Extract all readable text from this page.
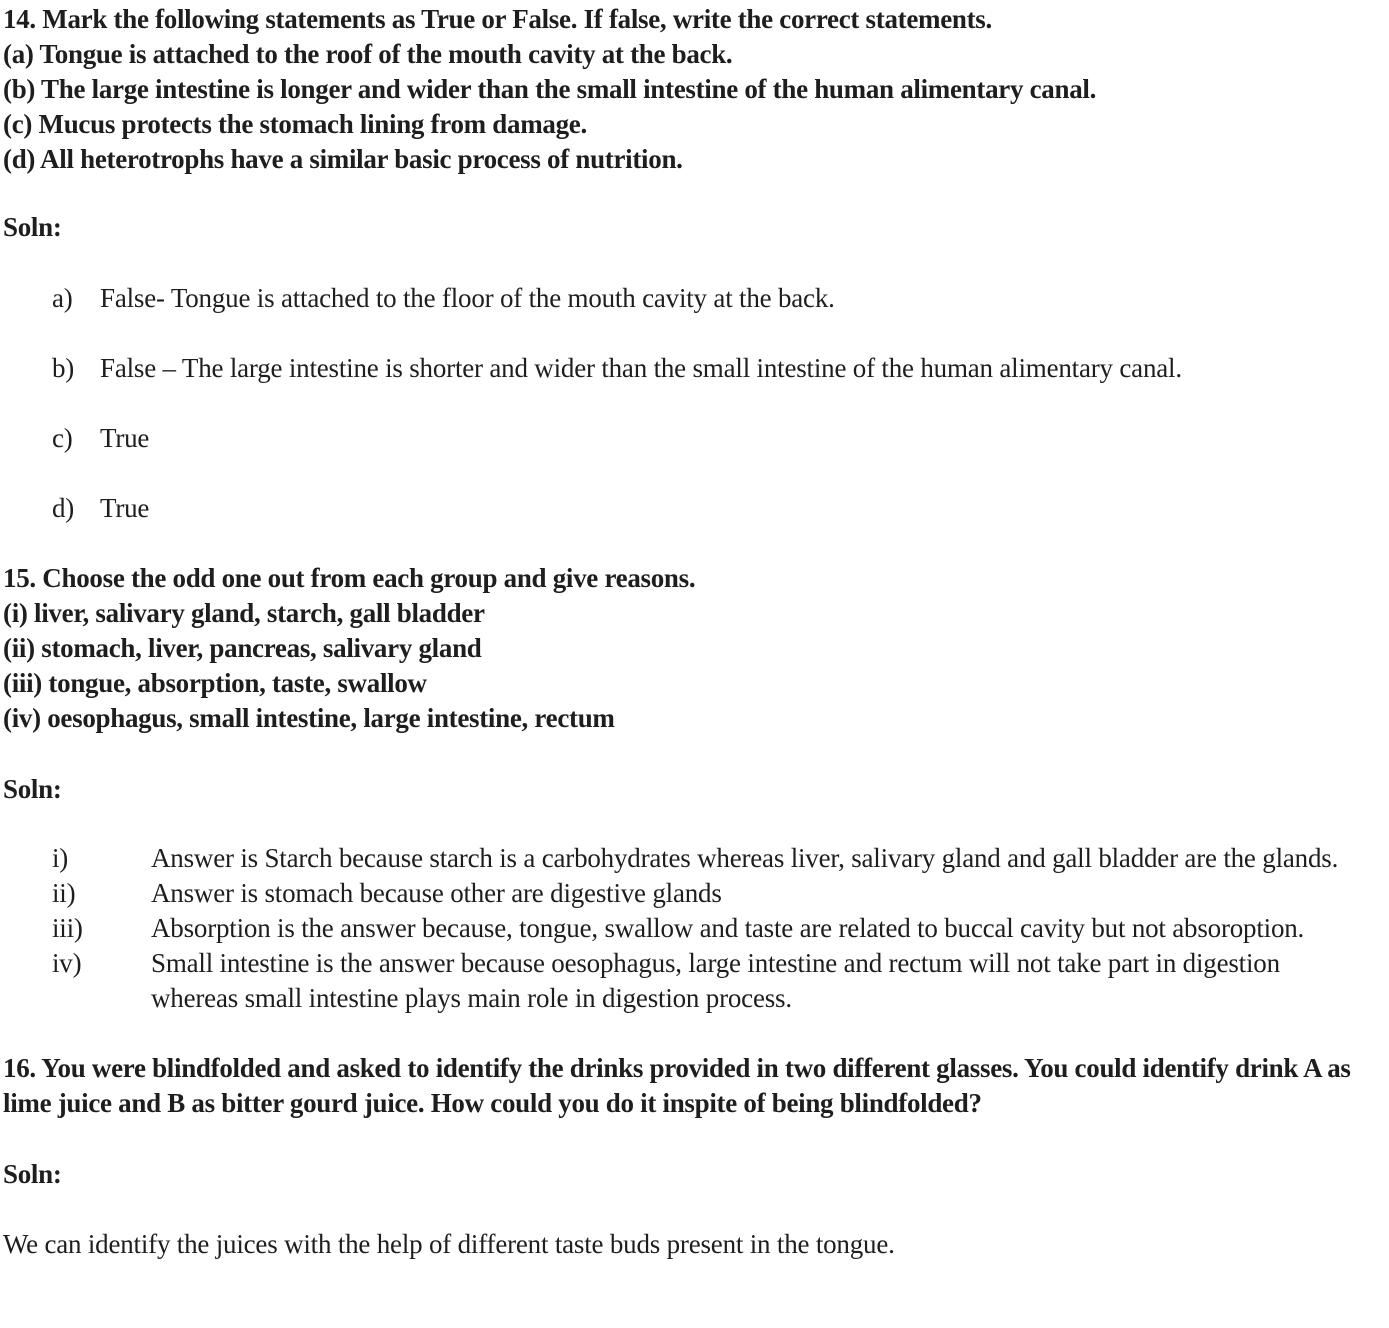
14. Mark the following statements as True or False. If false, write the correct statements.

(a) Tongue is attached to the roof of the mouth cavity at the back.

(b) The large intestine is longer and wider than the small intestine of the human alimentary canal.

(c) Mucus protects the stomach lining from damage.

(d) All heterotrophs have a similar basic process of nutrition.

Soln:

a)	False- Tongue is attached to the floor of the mouth cavity at the back.
b) False – The large intestine is shorter and wider than the small intestine of the human alimentary canal.
c)	True
d) True

15. Choose the odd one out from each group and give reasons.

(i) liver, salivary gland, starch, gall bladder

(ii) stomach, liver, pancreas, salivary gland

(iii) tongue, absorption, taste, swallow

(iv) oesophagus, small intestine, large intestine, rectum

Soln:

i)	Answer is Starch because starch is a carbohydrates whereas liver, salivary gland and gall bladder are the glands.
ii)	Answer is stomach because other are digestive glands
iii)	Absorption is the answer because, tongue, swallow and taste are related to buccal cavity but not absoroption.
iv)	Small intestine is the answer because oesophagus, large intestine and rectum will not take part in digestion whereas small intestine plays main role in digestion process.

16. You were blindfolded and asked to identify the drinks provided in two different glasses. You could identify drink A as lime juice and B as bitter gourd juice. How could you do it inspite of being blindfolded?

Soln:

We can identify the juices with the help of different taste buds present in the tongue.
